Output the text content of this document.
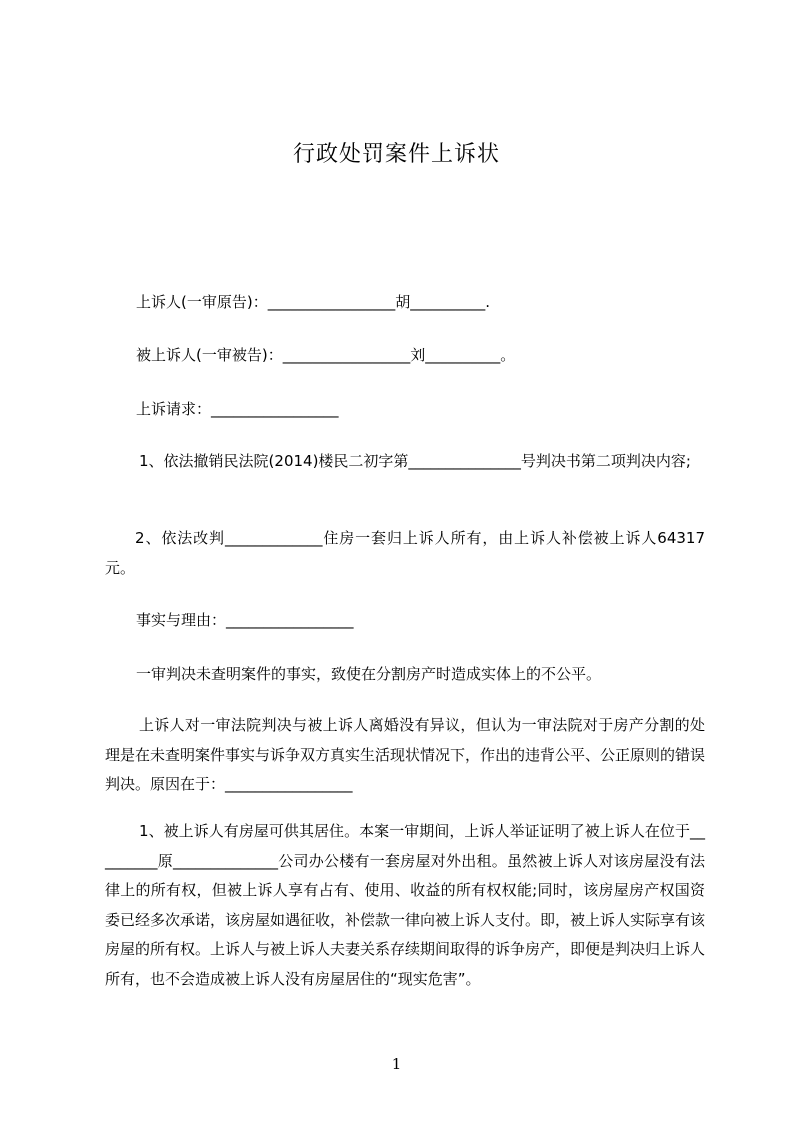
行政处罚案件上诉状
上诉人(一审原告)：_________________胡__________.
被上诉人(一审被告)：_________________刘__________。
上诉请求：_________________
1、依法撤销民法院(2014)楼民二初字第_______________号判决书第二项判决内容;
2、依法改判_____________住房一套归上诉人所有，由上诉人补偿被上诉人64317元。
事实与理由：_________________
一审判决未查明案件的事实，致使在分割房产时造成实体上的不公平。
上诉人对一审法院判决与被上诉人离婚没有异议，但认为一审法院对于房产分割的处理是在未查明案件事实与诉争双方真实生活现状情况下，作出的违背公平、公正原则的错误判决。原因在于：_________________
1、被上诉人有房屋可供其居住。本案一审期间，上诉人举证证明了被上诉人在位于_________原______________公司办公楼有一套房屋对外出租。虽然被上诉人对该房屋没有法律上的所有权，但被上诉人享有占有、使用、收益的所有权权能;同时，该房屋房产权国资委已经多次承诺，该房屋如遇征收，补偿款一律向被上诉人支付。即，被上诉人实际享有该房屋的所有权。上诉人与被上诉人夫妻关系存续期间取得的诉争房产，即便是判决归上诉人所有，也不会造成被上诉人没有房屋居住的“现实危害”。
1
